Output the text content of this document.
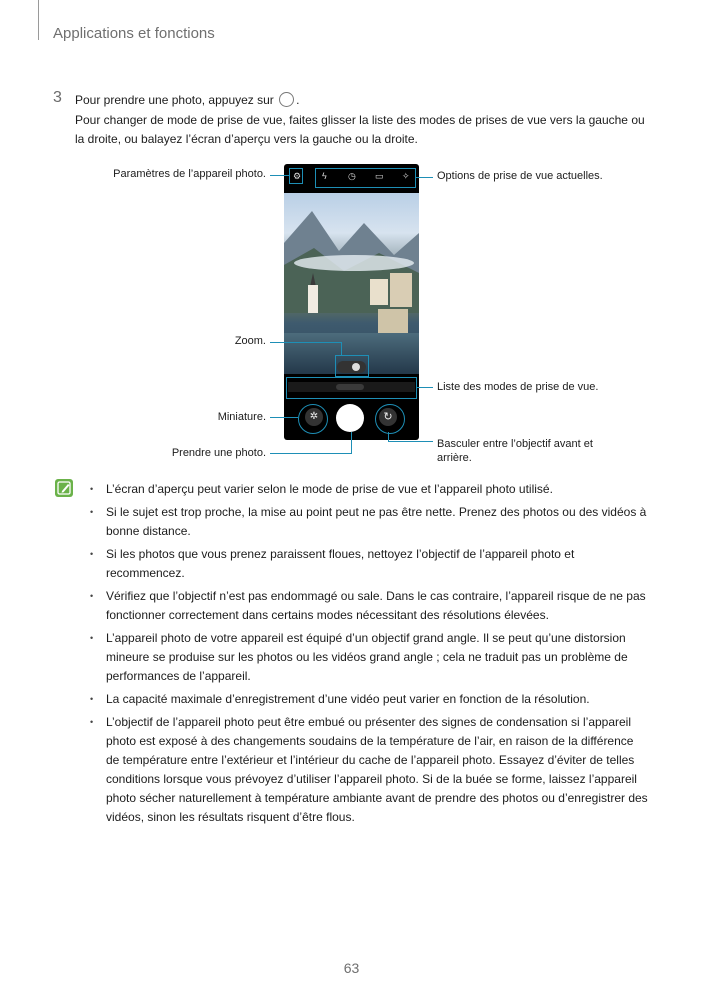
Applications et fonctions
3 Pour prendre une photo, appuyez sur .
Pour changer de mode de prise de vue, faites glisser la liste des modes de prises de vue vers la gauche ou la droite, ou balayez l’écran d’aperçu vers la gauche ou la droite.
⚙ ϟ ◷ ▭ ✧
✲	↻
Paramètres de l’appareil photo.	Options de prise de vue actuelles.
Zoom.
Liste des modes de prise de vue.
Miniature.
Prendre une photo.
Basculer entre l’objectif avant et arrière.
• L’écran d’aperçu peut varier selon le mode de prise de vue et l’appareil photo utilisé.
• Si le sujet est trop proche, la mise au point peut ne pas être nette. Prenez des photos ou des vidéos à bonne distance.
• Si les photos que vous prenez paraissent floues, nettoyez l’objectif de l’appareil photo et recommencez.
• Vérifiez que l’objectif n’est pas endommagé ou sale. Dans le cas contraire, l’appareil risque de ne pas fonctionner correctement dans certains modes nécessitant des résolutions élevées.
• L’appareil photo de votre appareil est équipé d’un objectif grand angle. Il se peut qu’une distorsion mineure se produise sur les photos ou les vidéos grand angle ; cela ne traduit pas un problème de performances de l’appareil.
• La capacité maximale d’enregistrement d’une vidéo peut varier en fonction de la résolution.
• L’objectif de l’appareil photo peut être embué ou présenter des signes de condensation si l’appareil photo est exposé à des changements soudains de la température de l’air, en raison de la différence de température entre l’extérieur et l’intérieur du cache de l’appareil photo. Essayez d’éviter de telles conditions lorsque vous prévoyez d’utiliser l’appareil photo. Si de la buée se forme, laissez l’appareil photo sécher naturellement à température ambiante avant de prendre des photos ou d’enregistrer des vidéos, sinon les résultats risquent d’être flous.
63
